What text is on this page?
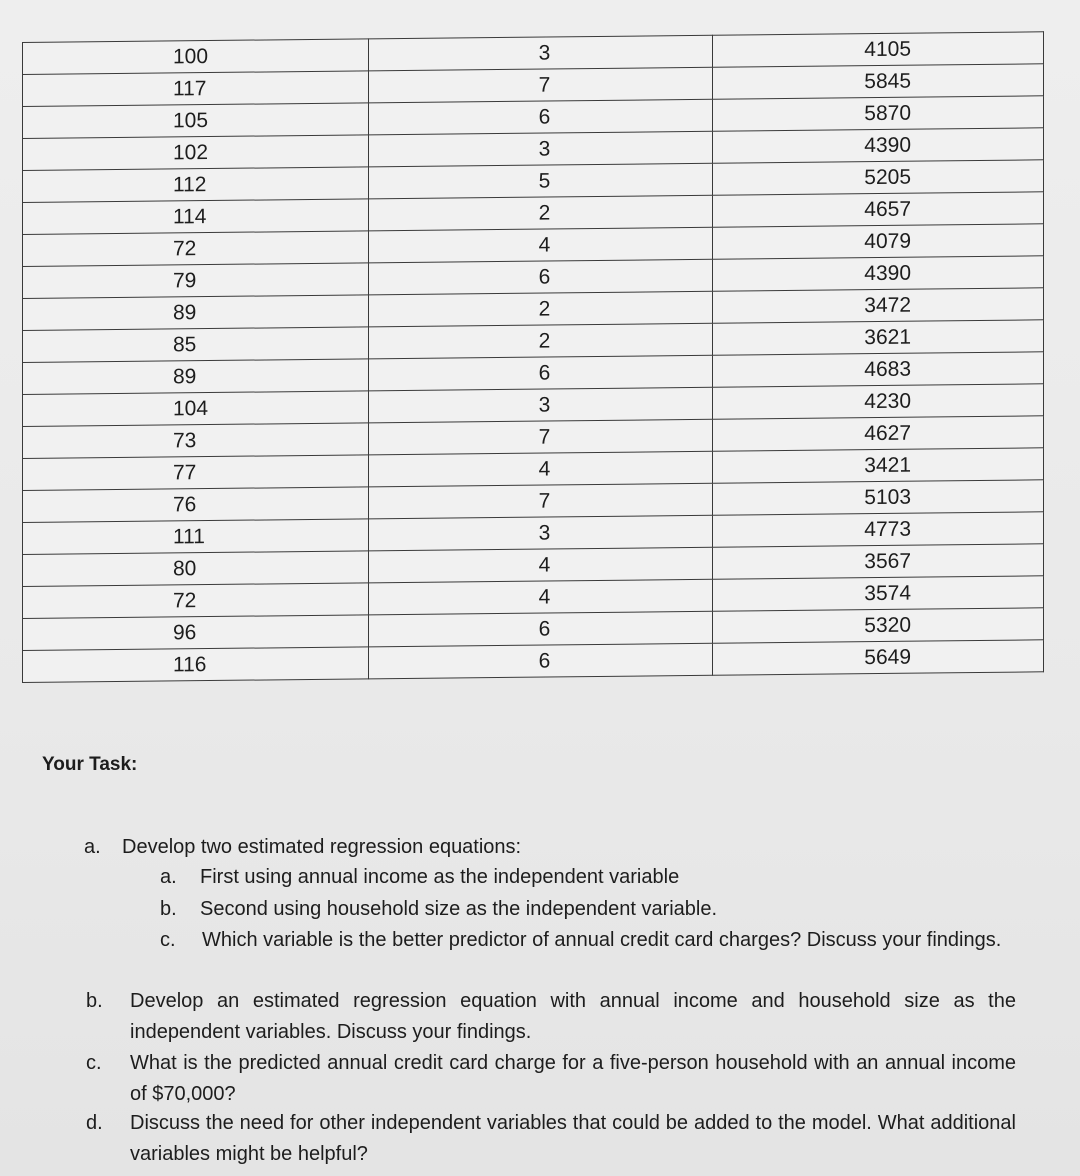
100	3	4105
117	7	5845
105	6	5870
102	3	4390
112	5	5205
114	2	4657
72	4	4079
79	6	4390
89	2	3472
85	2	3621
89	6	4683
104	3	4230
73	7	4627
77	4	3421
76	7	5103
111	3	4773
80	4	3567
72	4	3574
96	6	5320
116	6	5649
Your Task:
a.	Develop two estimated regression equations:
a.	First using annual income as the independent variable
b.	Second using household size as the independent variable.
c.	Which variable is the better predictor of annual credit card charges? Discuss your findings.
b.	Develop an estimated regression equation with annual income and household size as the independent variables. Discuss your findings.
c.	What is the predicted annual credit card charge for a five-person household with an annual income of $70,000?
d.	Discuss the need for other independent variables that could be added to the model. What additional variables might be helpful?
